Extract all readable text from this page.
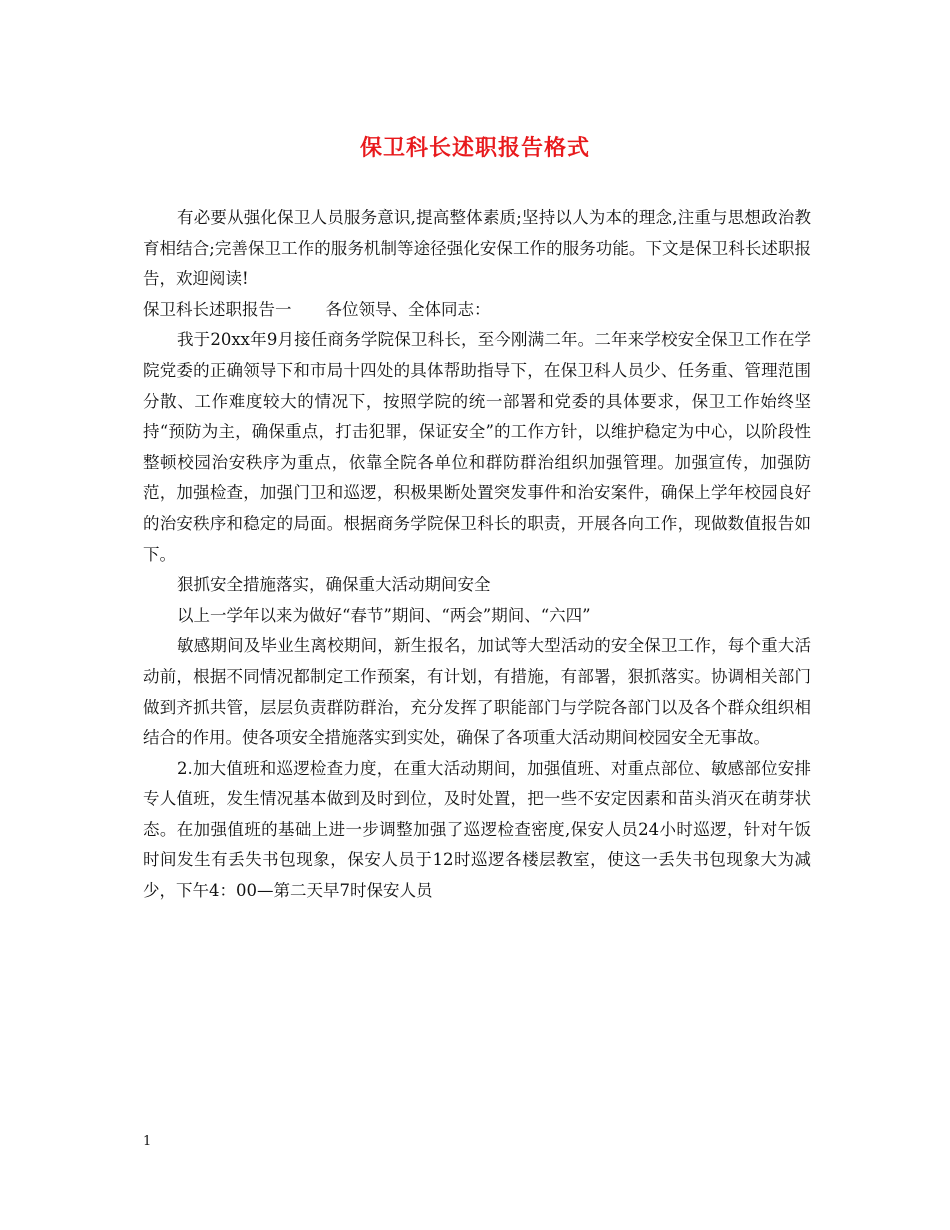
保卫科长述职报告格式

有必要从强化保卫人员服务意识,提高整体素质;坚持以人为本的理念,注重与思想政治教育相结合;完善保卫工作的服务机制等途径强化安保工作的服务功能。下文是保卫科长述职报告，欢迎阅读!

保卫科长述职报告一 各位领导、全体同志：

我于20xx年9月接任商务学院保卫科长，至今刚满二年。二年来学校安全保卫工作在学院党委的正确领导下和市局十四处的具体帮助指导下，在保卫科人员少、任务重、管理范围分散、工作难度较大的情况下，按照学院的统一部署和党委的具体要求，保卫工作始终坚持“预防为主，确保重点，打击犯罪，保证安全”的工作方针，以维护稳定为中心，以阶段性整顿校园治安秩序为重点，依靠全院各单位和群防群治组织加强管理。加强宣传，加强防范，加强检查，加强门卫和巡逻，积极果断处置突发事件和治安案件，确保上学年校园良好的治安秩序和稳定的局面。根据商务学院保卫科长的职责，开展各向工作，现做数值报告如下。

狠抓安全措施落实，确保重大活动期间安全

以上一学年以来为做好“春节”期间、“两会”期间、“六四”

敏感期间及毕业生离校期间，新生报名，加试等大型活动的安全保卫工作，每个重大活动前，根据不同情况都制定工作预案，有计划，有措施，有部署，狠抓落实。协调相关部门做到齐抓共管，层层负责群防群治，充分发挥了职能部门与学院各部门以及各个群众组织相结合的作用。使各项安全措施落实到实处，确保了各项重大活动期间校园安全无事故。

2.加大值班和巡逻检查力度，在重大活动期间，加强值班、对重点部位、敏感部位安排专人值班，发生情况基本做到及时到位，及时处置，把一些不安定因素和苗头消灭在萌芽状态。在加强值班的基础上进一步调整加强了巡逻检查密度,保安人员24小时巡逻，针对午饭时间发生有丢失书包现象，保安人员于12时巡逻各楼层教室，使这一丢失书包现象大为减少，下午4：00—第二天早7时保安人员

1
